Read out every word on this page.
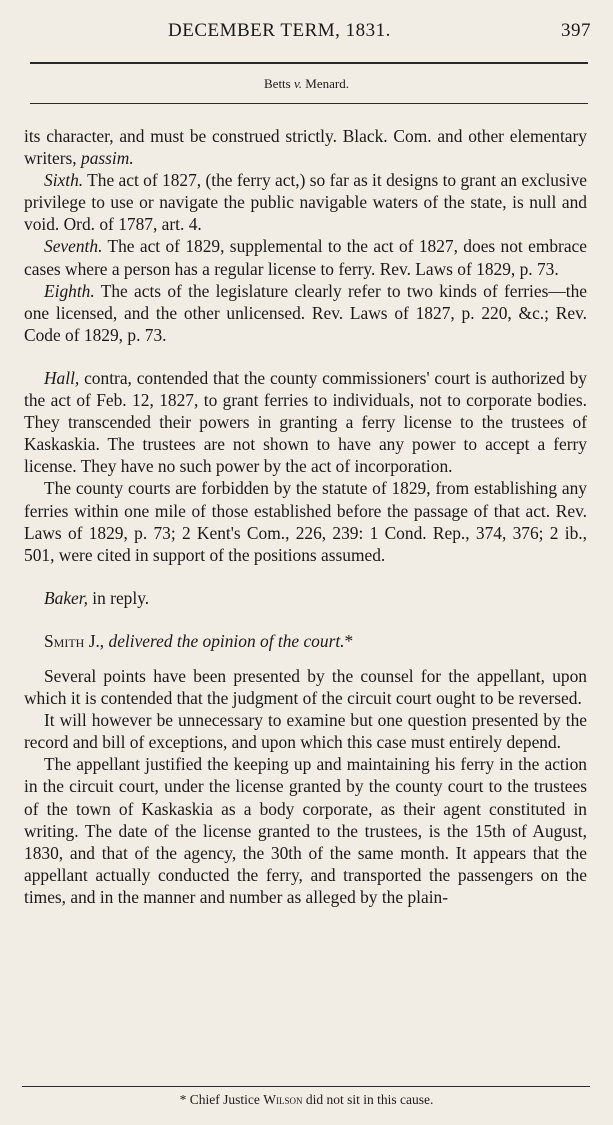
DECEMBER TERM, 1831.	397
Betts v. Menard.

its character, and must be construed strictly. Black. Com. and other elementary writers, passim.

Sixth. The act of 1827, (the ferry act,) so far as it designs to grant an exclusive privilege to use or navigate the public navigable waters of the state, is null and void. Ord. of 1787, art. 4.

Seventh. The act of 1829, supplemental to the act of 1827, does not embrace cases where a person has a regular license to ferry. Rev. Laws of 1829, p. 73.

Eighth. The acts of the legislature clearly refer to two kinds of ferries—the one licensed, and the other unlicensed. Rev. Laws of 1827, p. 220, &c.; Rev. Code of 1829, p. 73.

Hall, contra, contended that the county commissioners' court is authorized by the act of Feb. 12, 1827, to grant ferries to individuals, not to corporate bodies. They transcended their powers in granting a ferry license to the trustees of Kaskaskia. The trustees are not shown to have any power to accept a ferry license. They have no such power by the act of incorporation.

The county courts are forbidden by the statute of 1829, from establishing any ferries within one mile of those established before the passage of that act. Rev. Laws of 1829, p. 73; 2 Kent's Com., 226, 239: 1 Cond. Rep., 374, 376; 2 ib., 501, were cited in support of the positions assumed.

Baker, in reply.

Smith J., delivered the opinion of the court.*

Several points have been presented by the counsel for the appellant, upon which it is contended that the judgment of the circuit court ought to be reversed.

It will however be unnecessary to examine but one question presented by the record and bill of exceptions, and upon which this case must entirely depend.

The appellant justified the keeping up and maintaining his ferry in the action in the circuit court, under the license granted by the county court to the trustees of the town of Kaskaskia as a body corporate, as their agent constituted in writing. The date of the license granted to the trustees, is the 15th of August, 1830, and that of the agency, the 30th of the same month. It appears that the appellant actually conducted the ferry, and transported the passengers on the times, and in the manner and number as alleged by the plain-

* Chief Justice Wilson did not sit in this cause.
